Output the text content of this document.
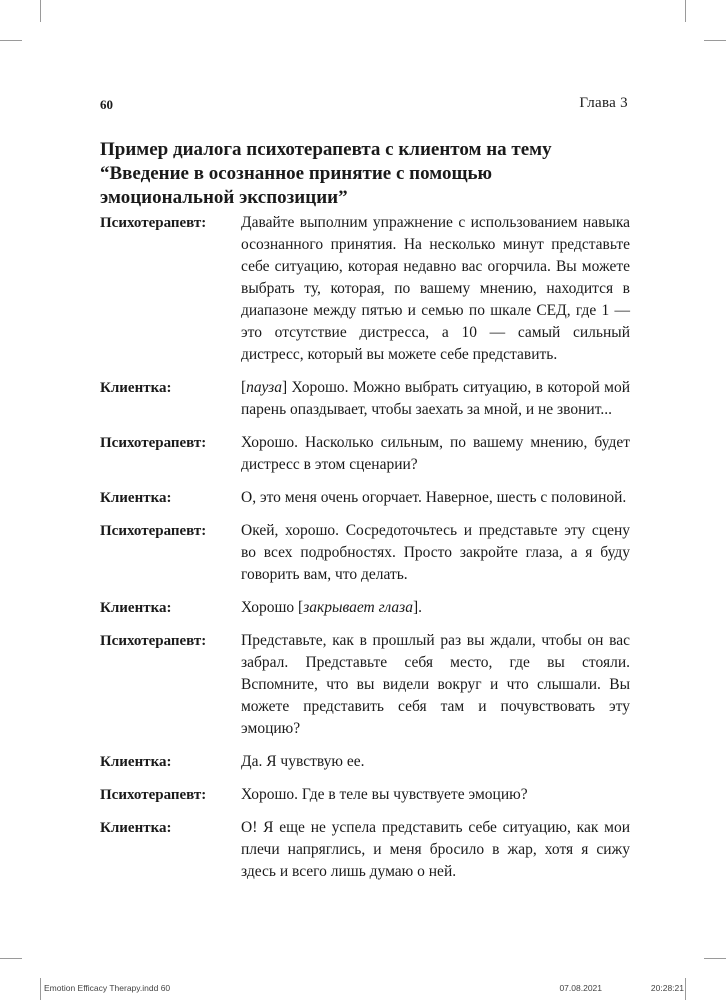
60	Глава 3
Пример диалога психотерапевта с клиентом на тему “Введение в осознанное принятие с помощью эмоциональной экспозиции”
Психотерапевт: Давайте выполним упражнение с использованием навыка осознанного принятия. На несколько минут представьте себе ситуацию, которая недавно вас огорчила. Вы можете выбрать ту, которая, по вашему мнению, находится в диапазоне между пятью и семью по шкале СЕД, где 1 — это отсутствие дистресса, а 10 — самый сильный дистресс, который вы можете себе представить.
Клиентка:	[пауза] Хорошо. Можно выбрать ситуацию, в которой мой парень опаздывает, чтобы заехать за мной, и не звонит...
Психотерапевт: Хорошо. Насколько сильным, по вашему мнению, будет дистресс в этом сценарии?
Клиентка:	О, это меня очень огорчает. Наверное, шесть с половиной.
Психотерапевт: Окей, хорошо. Сосредоточьтесь и представьте эту сцену во всех подробностях. Просто закройте глаза, а я буду говорить вам, что делать.
Клиентка:	Хорошо [закрывает глаза].
Психотерапевт: Представьте, как в прошлый раз вы ждали, чтобы он вас забрал. Представьте себя место, где вы стояли. Вспомните, что вы видели вокруг и что слышали. Вы можете представить себя там и почувствовать эту эмоцию?
Клиентка:	Да. Я чувствую ее.
Психотерапевт: Хорошо. Где в теле вы чувствуете эмоцию?
Клиентка:	О! Я еще не успела представить себе ситуацию, как мои плечи напряглись, и меня бросило в жар, хотя я сижу здесь и всего лишь думаю о ней.
Emotion Efficacy Therapy.indd 60	07.08.2021	20:28:21
